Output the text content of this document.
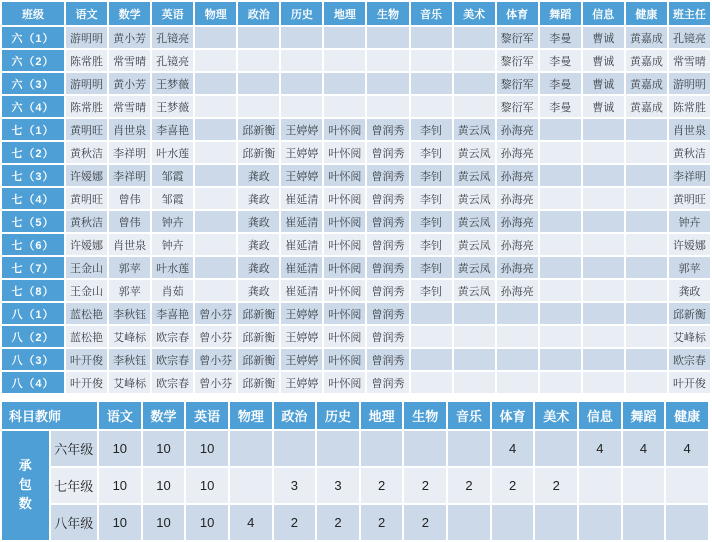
班级	语文	数学	英语	物理	政治	历史	地理	生物	音乐	美术	体育	舞蹈	信息	健康	班主任
六（1）	游明明	黄小芳	孔镜亮								黎衍军	李曼	曹诚	黄嘉成	孔镜亮
六（2）	陈常胜	常雪晴	孔镜亮								黎衍军	李曼	曹诚	黄嘉成	常雪晴
六（3）	游明明	黄小芳	王梦薇								黎衍军	李曼	曹诚	黄嘉成	游明明
六（4）	陈常胜	常雪晴	王梦薇								黎衍军	李曼	曹诚	黄嘉成	陈常胜
七（1）	黄明旺	肖世泉	李喜艳		邱新衡	王婷婷	叶怀阅	曾润秀	李钊	黄云凤	孙海亮				肖世泉
七（2）	黄秋洁	李祥明	叶水莲		邱新衡	王婷婷	叶怀阅	曾润秀	李钊	黄云凤	孙海亮				黄秋洁
七（3）	许嫒娜	李祥明	邹霞		龚政	王婷婷	叶怀阅	曾润秀	李钊	黄云凤	孙海亮				李祥明
七（4）	黄明旺	曾伟	邹霞		龚政	崔延清	叶怀阅	曾润秀	李钊	黄云凤	孙海亮				黄明旺
七（5）	黄秋洁	曾伟	钟卉		龚政	崔延清	叶怀阅	曾润秀	李钊	黄云凤	孙海亮				钟卉
七（6）	许嫒娜	肖世泉	钟卉		龚政	崔延清	叶怀阅	曾润秀	李钊	黄云凤	孙海亮				许嫒娜
七（7）	王金山	郭苹	叶水莲		龚政	崔延清	叶怀阅	曾润秀	李钊	黄云凤	孙海亮				郭苹
七（8）	王金山	郭苹	肖茹		龚政	崔延清	叶怀阅	曾润秀	李钊	黄云凤	孙海亮				龚政
八（1）	蓝松艳	李秋钰	李喜艳	曾小芬	邱新衡	王婷婷	叶怀阅	曾润秀							邱新衡
八（2）	蓝松艳	艾峰标	欧宗春	曾小芬	邱新衡	王婷婷	叶怀阅	曾润秀							艾峰标
八（3）	叶开俊	李秋钰	欧宗春	曾小芬	邱新衡	王婷婷	叶怀阅	曾润秀							欧宗春
八（4）	叶开俊	艾峰标	欧宗春	曾小芬	邱新衡	王婷婷	叶怀阅	曾润秀							叶开俊
科目教师		语文	数学	英语	物理	政治	历史	地理	生物	音乐	体育	美术	信息	舞蹈	健康

承
包
数	六年级	10	10	10							4		4	4	4
	七年级	10	10	10		3	3	2	2	2	2	2			
	八年级	10	10	10	4	2	2	2	2						
